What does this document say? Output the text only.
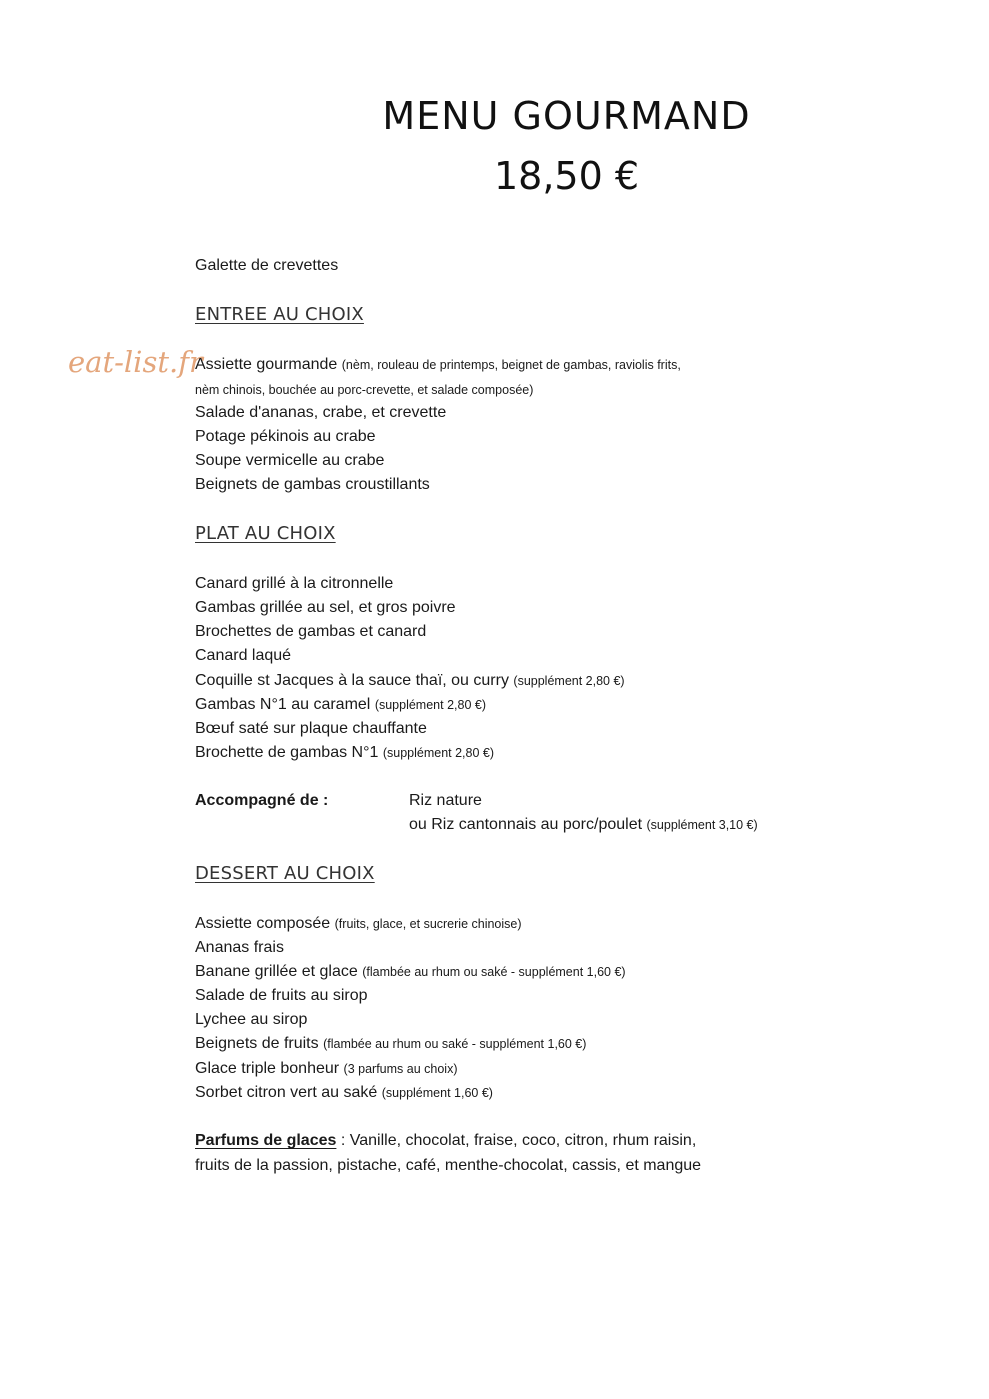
MENU GOURMAND
18,50 €
eat-list.fr
Galette de crevettes
ENTREE AU CHOIX
Assiette gourmande (nèm, rouleau de printemps, beignet de gambas, raviolis frits,
nèm chinois, bouchée au porc-crevette, et salade composée)
Salade d'ananas, crabe, et crevette
Potage pékinois au crabe
Soupe vermicelle au crabe
Beignets de gambas croustillants
PLAT AU CHOIX
Canard grillé à la citronnelle
Gambas grillée au sel, et gros poivre
Brochettes de gambas et canard
Canard laqué
Coquille st Jacques à la sauce thaï, ou curry (supplément 2,80 €)
Gambas N°1 au caramel (supplément 2,80 €)
Bœuf saté sur plaque chauffante
Brochette de gambas N°1 (supplément 2,80 €)
Accompagné de :	Riz nature
ou Riz cantonnais au porc/poulet (supplément 3,10 €)
DESSERT AU CHOIX
Assiette composée (fruits, glace, et sucrerie chinoise)
Ananas frais
Banane grillée et glace (flambée au rhum ou saké - supplément 1,60 €)
Salade de fruits au sirop
Lychee au sirop
Beignets de fruits (flambée au rhum ou saké - supplément 1,60 €)
Glace triple bonheur (3 parfums au choix)
Sorbet citron vert au saké (supplément 1,60 €)
Parfums de glaces : Vanille, chocolat, fraise, coco, citron, rhum raisin,
fruits de la passion, pistache, café, menthe-chocolat, cassis, et mangue
